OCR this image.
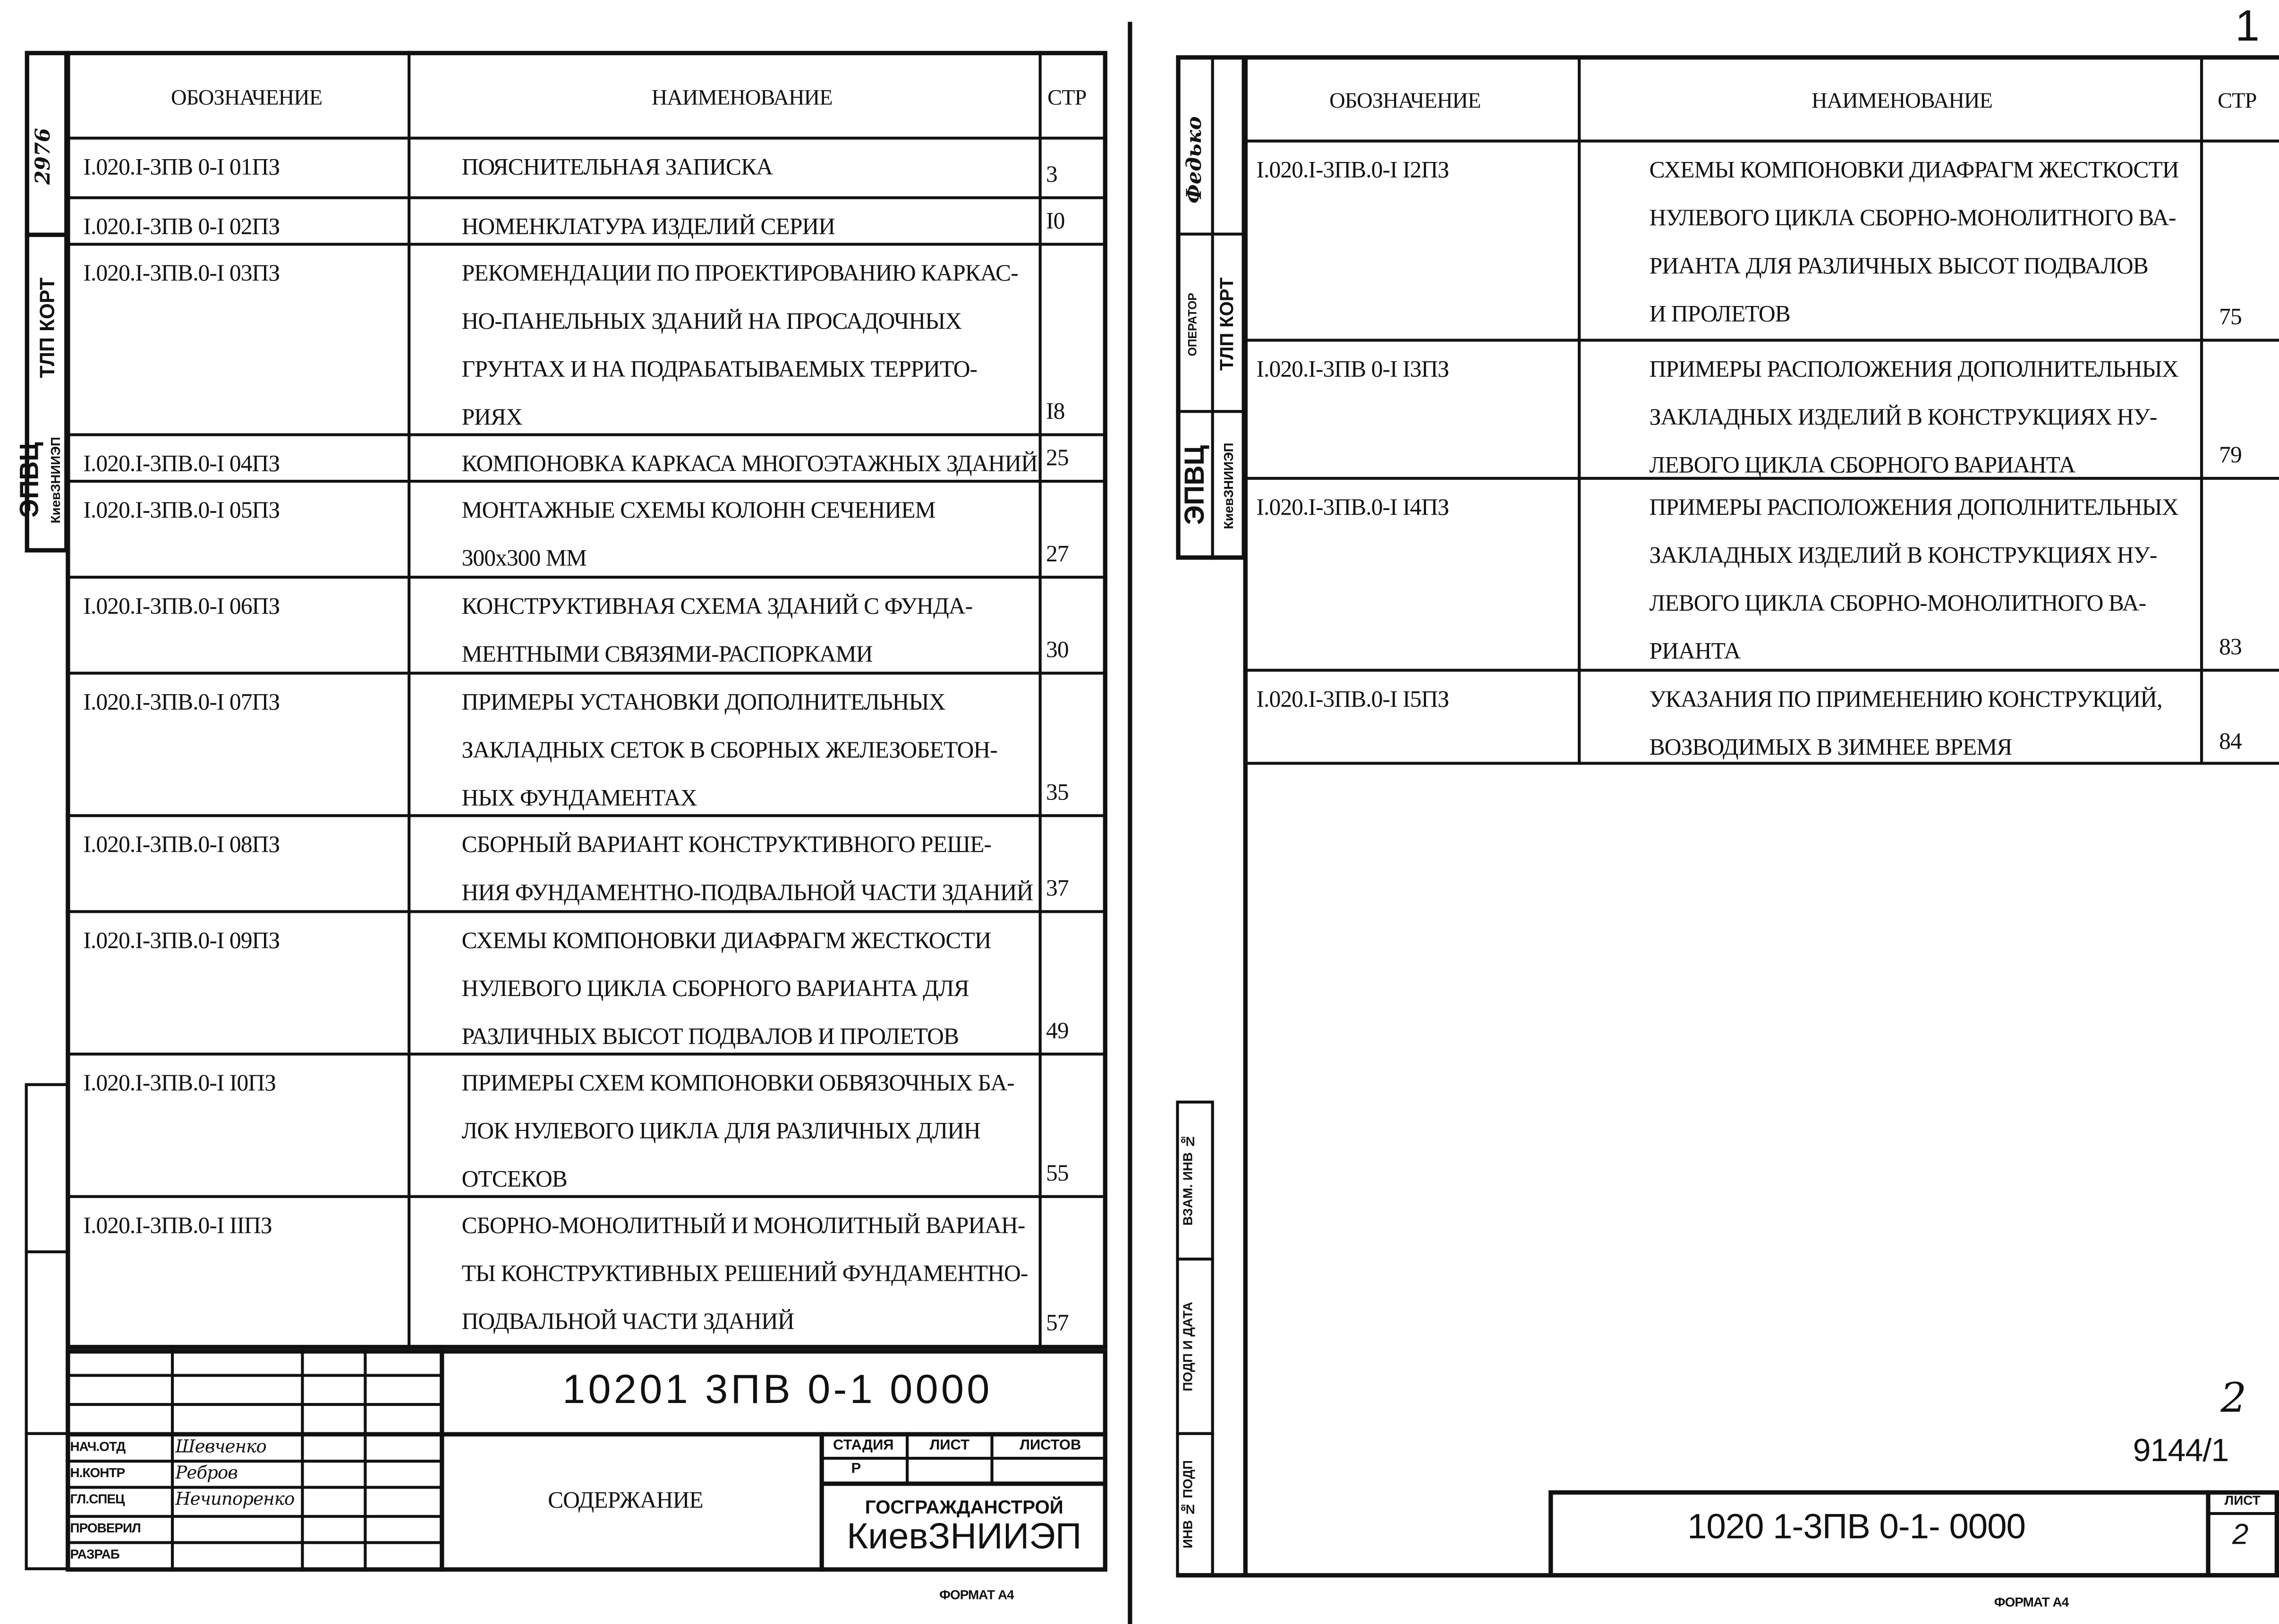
2976
ТЛП КОРТ
ЭПВЦ	КиевЗНИИЭП
ОБОЗНАЧЕНИЕ	НАИМЕНОВАНИЕ	СТР
I.020.I-3ПВ 0-I 01ПЗ	ПОЯСНИТЕЛЬНАЯ ЗАПИСКА	3
I.020.I-3ПВ 0-I 02ПЗ	НОМЕНКЛАТУРА ИЗДЕЛИЙ СЕРИИ	I0
I.020.I-3ПВ.0-I 03ПЗ	РЕКОМЕНДАЦИИ ПО ПРОЕКТИРОВАНИЮ КАРКАС-
НО-ПАНЕЛЬНЫХ ЗДАНИЙ НА ПРОСАДОЧНЫХ
ГРУНТАХ И НА ПОДРАБАТЫВАЕМЫХ ТЕРРИТО-
РИЯХ	I8
I.020.I-3ПВ.0-I 04ПЗ	КОМПОНОВКА КАРКАСА МНОГОЭТАЖНЫХ ЗДАНИЙ 25
I.020.I-3ПВ.0-I 05ПЗ	МОНТАЖНЫЕ СХЕМЫ КОЛОНН СЕЧЕНИЕМ
300x300 ММ	27
I.020.I-3ПВ.0-I 06ПЗ	КОНСТРУКТИВНАЯ СХЕМА ЗДАНИЙ С ФУНДА-
МЕНТНЫМИ СВЯЗЯМИ-РАСПОРКАМИ	30
I.020.I-3ПВ.0-I 07ПЗ	ПРИМЕРЫ УСТАНОВКИ ДОПОЛНИТЕЛЬНЫХ
ЗАКЛАДНЫХ СЕТОК В СБОРНЫХ ЖЕЛЕЗОБЕТОН-
НЫХ ФУНДАМЕНТАХ	35
I.020.I-3ПВ.0-I 08ПЗ	СБОРНЫЙ ВАРИАНТ КОНСТРУКТИВНОГО РЕШЕ-
НИЯ ФУНДАМЕНТНО-ПОДВАЛЬНОЙ ЧАСТИ ЗДАНИЙ 37
I.020.I-3ПВ.0-I 09ПЗ	СХЕМЫ КОМПОНОВКИ ДИАФРАГМ ЖЕСТКОСТИ
НУЛЕВОГО ЦИКЛА СБОРНОГО ВАРИАНТА ДЛЯ
РАЗЛИЧНЫХ ВЫСОТ ПОДВАЛОВ И ПРОЛЕТОВ	49
I.020.I-3ПВ.0-I I0ПЗ	ПРИМЕРЫ СХЕМ КОМПОНОВКИ ОБВЯЗОЧНЫХ БА-
ЛОК НУЛЕВОГО ЦИКЛА ДЛЯ РАЗЛИЧНЫХ ДЛИН
ОТСЕКОВ	55
I.020.I-3ПВ.0-I IIПЗ	СБОРНО-МОНОЛИТНЫЙ И МОНОЛИТНЫЙ ВАРИАН-
ТЫ КОНСТРУКТИВНЫХ РЕШЕНИЙ ФУНДАМЕНТНО-
ПОДВАЛЬНОЙ ЧАСТИ ЗДАНИЙ	57
НАЧ.ОТД	Шевченко
Н.КОНТР	Ребров
ГЛ.СПЕЦ	Нечипоренко
ПРОВЕРИЛ
РАЗРАБ
10201 3ПВ 0-1 0000
СОДЕРЖАНИЕ
СТАДИЯ	ЛИСТ	ЛИСТОВ
Р
ГОСГРАЖДАНСТРОЙ
КиевЗНИИЭП
ФОРМАТ А4
1
Федько
ОПЕРАТОР	ТЛП КОРТ
ЭПВЦ	КиевЗНИИЭП
ОБОЗНАЧЕНИЕ	НАИМЕНОВАНИЕ	СТР
I.020.I-3ПВ.0-I I2ПЗ	СХЕМЫ КОМПОНОВКИ ДИАФРАГМ ЖЕСТКОСТИ
НУЛЕВОГО ЦИКЛА СБОРНО-МОНОЛИТНОГО ВА-
РИАНТА ДЛЯ РАЗЛИЧНЫХ ВЫСОТ ПОДВАЛОВ
И ПРОЛЕТОВ	75
I.020.I-3ПВ 0-I I3ПЗ	ПРИМЕРЫ РАСПОЛОЖЕНИЯ ДОПОЛНИТЕЛЬНЫХ
ЗАКЛАДНЫХ ИЗДЕЛИЙ В КОНСТРУКЦИЯХ НУ-
ЛЕВОГО ЦИКЛА СБОРНОГО ВАРИАНТА	79
I.020.I-3ПВ.0-I I4ПЗ	ПРИМЕРЫ РАСПОЛОЖЕНИЯ ДОПОЛНИТЕЛЬНЫХ
ЗАКЛАДНЫХ ИЗДЕЛИЙ В КОНСТРУКЦИЯХ НУ-
ЛЕВОГО ЦИКЛА СБОРНО-МОНОЛИТНОГО ВА-
РИАНТА	83
I.020.I-3ПВ.0-I I5ПЗ	УКАЗАНИЯ ПО ПРИМЕНЕНИЮ КОНСТРУКЦИЙ,
ВОЗВОДИМЫХ В ЗИМНЕЕ ВРЕМЯ	84
ВЗАМ. ИНВ №
ПОДП И ДАТА
ИНВ № ПОДП
2
9144/1
1020 1-3ПВ 0-1- 0000
ЛИСТ
2
ФОРМАТ А4
